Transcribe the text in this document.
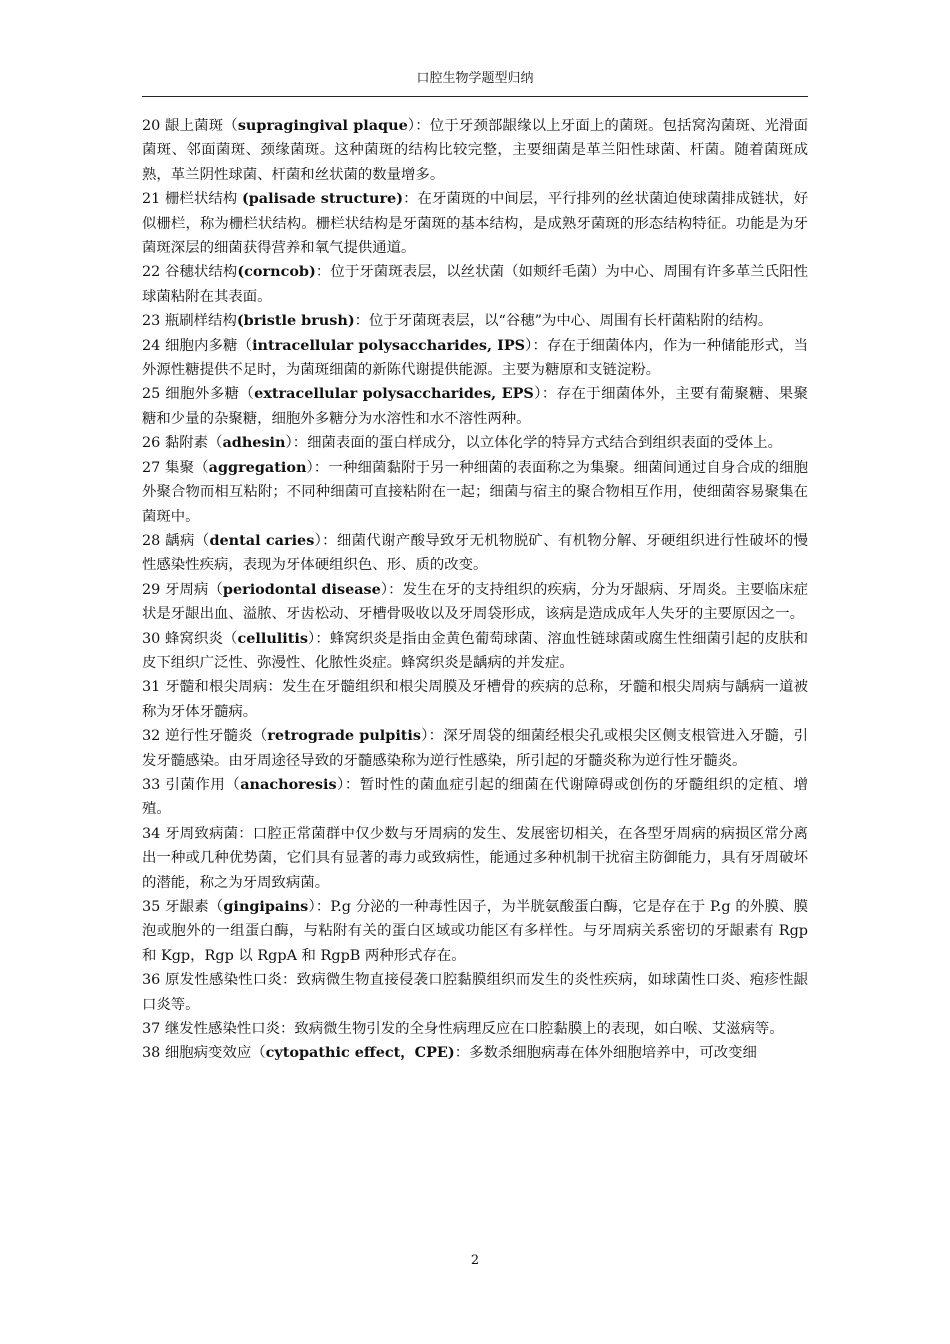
口腔生物学题型归纳

20 龈上菌斑（supragingival plaque）：位于牙颈部龈缘以上牙面上的菌斑。包括窝沟菌斑、光滑面菌斑、邻面菌斑、颈缘菌斑。这种菌斑的结构比较完整，主要细菌是革兰阳性球菌、杆菌。随着菌斑成熟，革兰阴性球菌、杆菌和丝状菌的数量增多。

21 栅栏状结构 (palisade structure)：在牙菌斑的中间层，平行排列的丝状菌迫使球菌排成链状，好似栅栏，称为栅栏状结构。栅栏状结构是牙菌斑的基本结构，是成熟牙菌斑的形态结构特征。功能是为牙菌斑深层的细菌获得营养和氧气提供通道。

22 谷穗状结构(corncob)：位于牙菌斑表层，以丝状菌（如颊纤毛菌）为中心、周围有许多革兰氏阳性球菌粘附在其表面。

23 瓶刷样结构(bristle brush)：位于牙菌斑表层，以“谷穗”为中心、周围有长杆菌粘附的结构。

24 细胞内多糖（intracellular polysaccharides, IPS）：存在于细菌体内，作为一种储能形式，当外源性糖提供不足时，为菌斑细菌的新陈代谢提供能源。主要为糖原和支链淀粉。

25 细胞外多糖（extracellular polysaccharides, EPS）：存在于细菌体外，主要有葡聚糖、果聚糖和少量的杂聚糖，细胞外多糖分为水溶性和水不溶性两种。

26 黏附素（adhesin）：细菌表面的蛋白样成分，以立体化学的特异方式结合到组织表面的受体上。

27 集聚（aggregation）：一种细菌黏附于另一种细菌的表面称之为集聚。细菌间通过自身合成的细胞外聚合物而相互粘附；不同种细菌可直接粘附在一起；细菌与宿主的聚合物相互作用，使细菌容易聚集在菌斑中。

28 龋病（dental caries）：细菌代谢产酸导致牙无机物脱矿、有机物分解、牙硬组织进行性破坏的慢性感染性疾病，表现为牙体硬组织色、形、质的改变。

29 牙周病（periodontal disease）：发生在牙的支持组织的疾病，分为牙龈病、牙周炎。主要临床症状是牙龈出血、溢脓、牙齿松动、牙槽骨吸收以及牙周袋形成，该病是造成成年人失牙的主要原因之一。

30 蜂窝织炎（cellulitis）：蜂窝织炎是指由金黄色葡萄球菌、溶血性链球菌或腐生性细菌引起的皮肤和皮下组织广泛性、弥漫性、化脓性炎症。蜂窝织炎是龋病的并发症。

31 牙髓和根尖周病：发生在牙髓组织和根尖周膜及牙槽骨的疾病的总称，牙髓和根尖周病与龋病一道被称为牙体牙髓病。

32 逆行性牙髓炎（retrograde pulpitis）：深牙周袋的细菌经根尖孔或根尖区侧支根管进入牙髓，引发牙髓感染。由牙周途径导致的牙髓感染称为逆行性感染，所引起的牙髓炎称为逆行性牙髓炎。

33 引菌作用（anachoresis）：暂时性的菌血症引起的细菌在代谢障碍或创伤的牙髓组织的定植、增殖。

34 牙周致病菌：口腔正常菌群中仅少数与牙周病的发生、发展密切相关，在各型牙周病的病损区常分离出一种或几种优势菌，它们具有显著的毒力或致病性，能通过多种机制干扰宿主防御能力，具有牙周破坏的潜能，称之为牙周致病菌。

35 牙龈素（gingipains）：P.g 分泌的一种毒性因子，为半胱氨酸蛋白酶，它是存在于 P.g 的外膜、膜泡或胞外的一组蛋白酶，与粘附有关的蛋白区域或功能区有多样性。与牙周病关系密切的牙龈素有 Rgp 和 Kgp，Rgp 以 RgpA 和 RgpB 两种形式存在。

36 原发性感染性口炎：致病微生物直接侵袭口腔黏膜组织而发生的炎性疾病，如球菌性口炎、疱疹性龈口炎等。

37 继发性感染性口炎：致病微生物引发的全身性病理反应在口腔黏膜上的表现，如白喉、艾滋病等。

38 细胞病变效应（cytopathic effect，CPE)：多数杀细胞病毒在体外细胞培养中，可改变细

2
